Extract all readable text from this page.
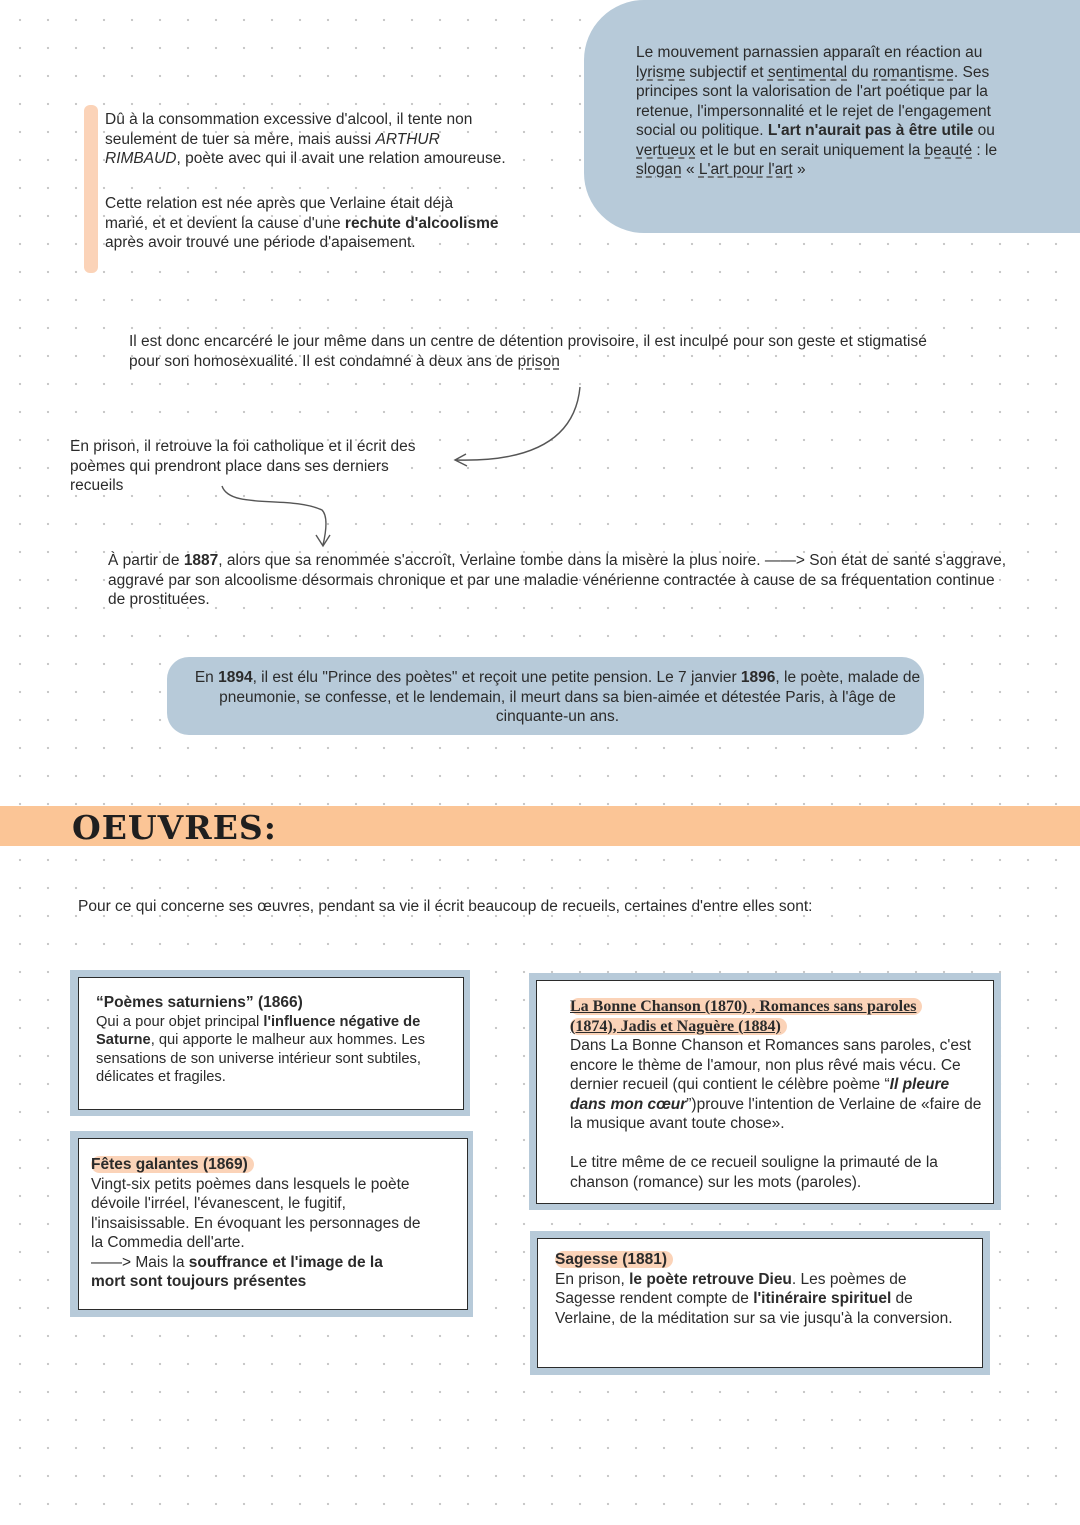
Le mouvement parnassien apparaît en réaction au
lyrisme subjectif et sentimental du romantisme. Ses
principes sont la valorisation de l'art poétique par la
retenue, l'impersonnalité et le rejet de l'engagement
social ou politique. L'art n'aurait pas à être utile ou
vertueux et le but en serait uniquement la beauté : le
slogan « L'art pour l'art »
Dû à la consommation excessive d'alcool, il tente non seulement de tuer sa mère, mais aussi ARTHUR RIMBAUD, poète avec qui il avait une relation amoureuse.
Cette relation est née après que Verlaine était déjà marié, et et devient la cause d'une rechute d'alcoolisme après avoir trouvé une période d'apaisement.
Il est donc encarcéré le jour même dans un centre de détention provisoire, il est inculpé pour son geste et stigmatisé pour son homosexualité. Il est condamné à deux ans de prison
En prison, il retrouve la foi catholique et il écrit des poèmes qui prendront place dans ses derniers recueils
À partir de 1887, alors que sa renommée s'accroît, Verlaine tombe dans la misère la plus noire. ——> Son état de santé s'aggrave, aggravé par son alcoolisme désormais chronique et par une maladie vénérienne contractée à cause de sa fréquentation continue de prostituées.
En 1894, il est élu "Prince des poètes" et reçoit une petite pension. Le 7 janvier 1896, le poète, malade de pneumonie, se confesse, et le lendemain, il meurt dans sa bien-aimée et détestée Paris, à l'âge de cinquante-un ans.
OEUVRES:
Pour ce qui concerne ses œuvres, pendant sa vie il écrit beaucoup de recueils, certaines d'entre elles sont:
“Poèmes saturniens” (1866)
Qui a pour objet principal l'influence négative de Saturne, qui apporte le malheur aux hommes. Les sensations de son universe intérieur sont subtiles, délicates et fragiles.
Fêtes galantes (1869)
Vingt-six petits poèmes dans lesquels le poète dévoile l'irréel, l'évanescent, le fugitif, l'insaisissable. En évoquant les personnages de la Commedia dell'arte.
——> Mais la souffrance et l'image de la mort sont toujours présentes
La Bonne Chanson (1870) , Romances sans paroles
(1874), Jadis et Naguère (1884)
Dans La Bonne Chanson et Romances sans paroles, c'est encore le thème de l'amour, non plus rêvé mais vécu. Ce dernier recueil (qui contient le célèbre poème “Il pleure dans mon cœur”)prouve l'intention de Verlaine de «faire de la musique avant toute chose».

Le titre même de ce recueil souligne la primauté de la chanson (romance) sur les mots (paroles).
Sagesse (1881)
En prison, le poète retrouve Dieu. Les poèmes de Sagesse rendent compte de l'itinéraire spirituel de Verlaine, de la méditation sur sa vie jusqu'à la conversion.
